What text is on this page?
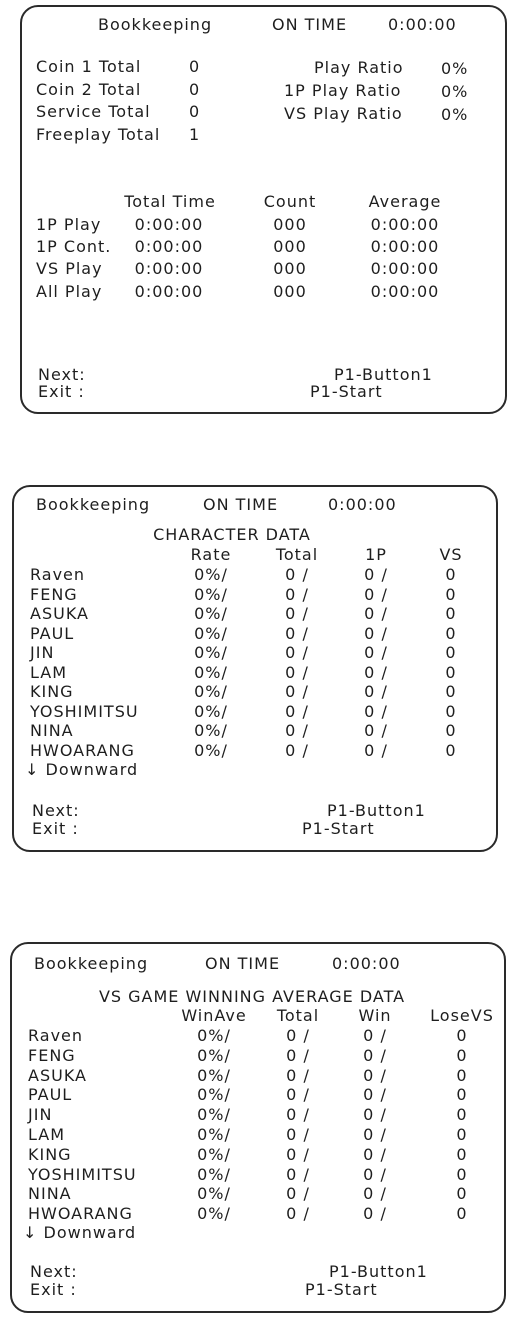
Bookkeeping	ON TIME	0:00:00
Coin 1 Total	0
Coin 2 Total	0
Service Total 0
Freeplay Total 1
Play Ratio 0%
1P Play Ratio 0%
VS Play Ratio 0%
Total Time	Count	Average
1P Play 0:00:00	000	0:00:00
1P Cont. 0:00:00	000	0:00:00
VS Play 0:00:00	000	0:00:00
All Play 0:00:00	000	0:00:00
Next:	P1-Button1
Exit :	P1-Start
Bookkeeping	ON TIME	0:00:00
CHARACTER DATA
Rate	Total	1P	VS
Raven	0%/	0 /	0 /	0
FENG	0%/	0 /	0 /	0
ASUKA	0%/	0 /	0 /	0
PAUL	0%/	0 /	0 /	0
JIN	0%/	0 /	0 /	0
LAM	0%/	0 /	0 /	0
KING	0%/	0 /	0 /	0
YOSHIMITSU	0%/	0 /	0 /	0
NINA	0%/	0 /	0 /	0
HWOARANG	0%/	0 /	0 /	0
↓ Downward
Next:	P1-Button1
Exit :	P1-Start
Bookkeeping	ON TIME	0:00:00
VS GAME WINNING AVERAGE DATA
WinAve Total Win LoseVS
Raven	0%/	0 /	0 /	0
FENG	0%/	0 /	0 /	0
ASUKA	0%/	0 /	0 /	0
PAUL	0%/	0 /	0 /	0
JIN	0%/	0 /	0 /	0
LAM	0%/	0 /	0 /	0
KING	0%/	0 /	0 /	0
YOSHIMITSU	0%/	0 /	0 /	0
NINA	0%/	0 /	0 /	0
HWOARANG	0%/	0 /	0 /	0
↓ Downward
Next:	P1-Button1
Exit :	P1-Start
